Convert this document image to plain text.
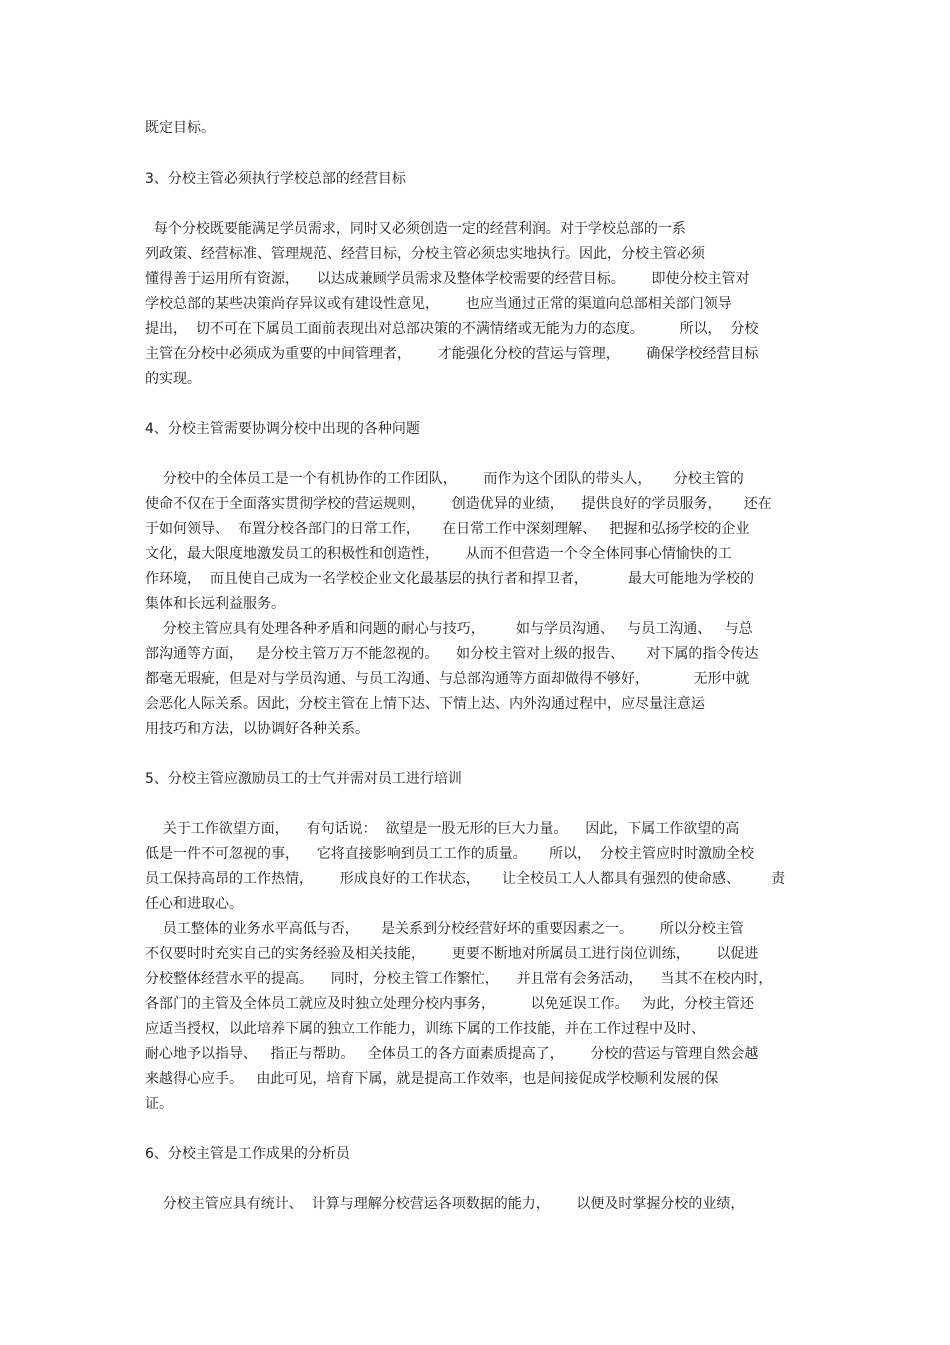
既定目标。
3、分校主管必须执行学校总部的经营目标
每个分校既要能满足学员需求，同时又必须创造一定的经营利润。对于学校总部的一系
列政策、经营标准、管理规范、经营目标，分校主管必须忠实地执行。因此，分校主管必须
懂得善于运用所有资源，    以达成兼顾学员需求及整体学校需要的经营目标。      即使分校主管对
学校总部的某些决策尚存异议或有建设性意见，      也应当通过正常的渠道向总部相关部门领导
提出，  切不可在下属员工面前表现出对总部决策的不满情绪或无能为力的态度。        所以，  分校
主管在分校中必须成为重要的中间管理者，      才能强化分校的营运与管理，      确保学校经营目标
的实现。
4、分校主管需要协调分校中出现的各种问题
分校中的全体员工是一个有机协作的工作团队，      而作为这个团队的带头人，     分校主管的
使命不仅在于全面落实贯彻学校的营运规则，      创造优异的业绩，    提供良好的学员服务，     还在
于如何领导、  布置分校各部门的日常工作，     在日常工作中深刻理解、   把握和弘扬学校的企业
文化，最大限度地激发员工的积极性和创造性，      从而不但营造一个令全体同事心情愉快的工
作环境，  而且使自己成为一名学校企业文化最基层的执行者和捍卫者，         最大可能地为学校的
集体和长远利益服务。
分校主管应具有处理各种矛盾和问题的耐心与技巧，       如与学员沟通、   与员工沟通、   与总
部沟通等方面，   是分校主管万万不能忽视的。    如分校主管对上级的报告、     对下属的指令传达
都毫无瑕疵，但是对与学员沟通、与员工沟通、与总部沟通等方面却做得不够好，          无形中就
会恶化人际关系。因此，分校主管在上情下达、下情上达、内外沟通过程中，应尽量注意运
用技巧和方法，以协调好各种关系。
5、分校主管应激励员工的士气并需对员工进行培训
关于工作欲望方面，    有句话说：  欲望是一股无形的巨大力量。    因此，下属工作欲望的高
低是一件不可忽视的事，    它将直接影响到员工工作的质量。     所以，  分校主管应时时激励全校
员工保持高昂的工作热情，      形成良好的工作状态，     让全校员工人人都具有强烈的使命感、       责
任心和进取心。
员工整体的业务水平高低与否，     是关系到分校经营好坏的重要因素之一。      所以分校主管
不仅要时时充实自己的实务经验及相关技能，      更要不断地对所属员工进行岗位训练，      以促进
分校整体经营水平的提高。    同时，分校主管工作繁忙，    并且常有会务活动，    当其不在校内时，
各部门的主管及全体员工就应及时独立处理分校内事务，        以免延误工作。   为此，分校主管还
应适当授权，以此培养下属的独立工作能力，训练下属的工作技能，并在工作过程中及时、
耐心地予以指导、   指正与帮助。   全体员工的各方面素质提高了，      分校的营运与管理自然会越
来越得心应手。   由此可见，培育下属，就是提高工作效率，也是间接促成学校顺利发展的保
证。
6、分校主管是工作成果的分析员
分校主管应具有统计、  计算与理解分校营运各项数据的能力，      以便及时掌握分校的业绩，
